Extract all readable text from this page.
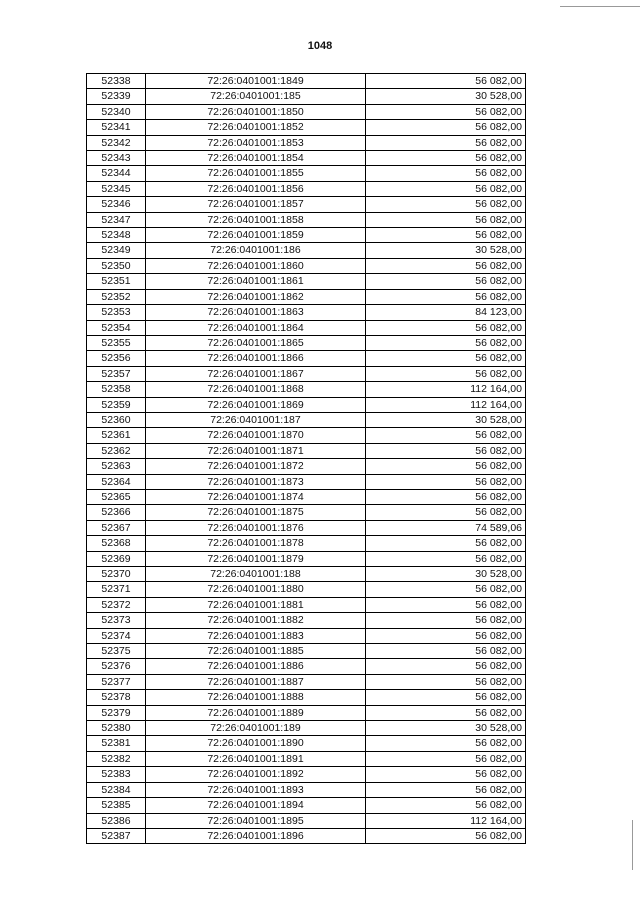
1048
52338	72:26:0401001:1849	56 082,00
52339	72:26:0401001:185	30 528,00
52340	72:26:0401001:1850	56 082,00
52341	72:26:0401001:1852	56 082,00
52342	72:26:0401001:1853	56 082,00
52343	72:26:0401001:1854	56 082,00
52344	72:26:0401001:1855	56 082,00
52345	72:26:0401001:1856	56 082,00
52346	72:26:0401001:1857	56 082,00
52347	72:26:0401001:1858	56 082,00
52348	72:26:0401001:1859	56 082,00
52349	72:26:0401001:186	30 528,00
52350	72:26:0401001:1860	56 082,00
52351	72:26:0401001:1861	56 082,00
52352	72:26:0401001:1862	56 082,00
52353	72:26:0401001:1863	84 123,00
52354	72:26:0401001:1864	56 082,00
52355	72:26:0401001:1865	56 082,00
52356	72:26:0401001:1866	56 082,00
52357	72:26:0401001:1867	56 082,00
52358	72:26:0401001:1868	112 164,00
52359	72:26:0401001:1869	112 164,00
52360	72:26:0401001:187	30 528,00
52361	72:26:0401001:1870	56 082,00
52362	72:26:0401001:1871	56 082,00
52363	72:26:0401001:1872	56 082,00
52364	72:26:0401001:1873	56 082,00
52365	72:26:0401001:1874	56 082,00
52366	72:26:0401001:1875	56 082,00
52367	72:26:0401001:1876	74 589,06
52368	72:26:0401001:1878	56 082,00
52369	72:26:0401001:1879	56 082,00
52370	72:26:0401001:188	30 528,00
52371	72:26:0401001:1880	56 082,00
52372	72:26:0401001:1881	56 082,00
52373	72:26:0401001:1882	56 082,00
52374	72:26:0401001:1883	56 082,00
52375	72:26:0401001:1885	56 082,00
52376	72:26:0401001:1886	56 082,00
52377	72:26:0401001:1887	56 082,00
52378	72:26:0401001:1888	56 082,00
52379	72:26:0401001:1889	56 082,00
52380	72:26:0401001:189	30 528,00
52381	72:26:0401001:1890	56 082,00
52382	72:26:0401001:1891	56 082,00
52383	72:26:0401001:1892	56 082,00
52384	72:26:0401001:1893	56 082,00
52385	72:26:0401001:1894	56 082,00
52386	72:26:0401001:1895	112 164,00
52387	72:26:0401001:1896	56 082,00
